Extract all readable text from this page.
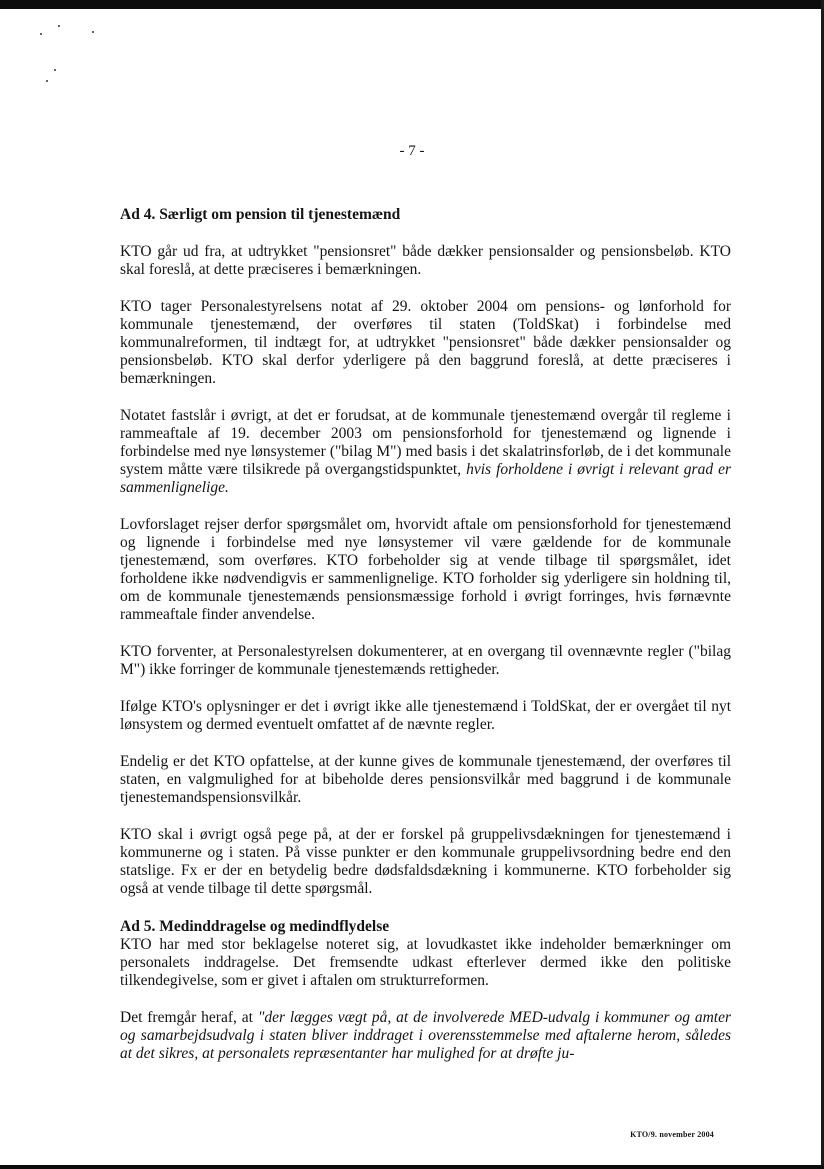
- 7 -
Ad 4. Særligt om pension til tjenestemænd

KTO går ud fra, at udtrykket "pensionsret" både dækker pensionsalder og pensionsbeløb. KTO skal foreslå, at dette præciseres i bemærkningen.

KTO tager Personalestyrelsens notat af 29. oktober 2004 om pensions- og lønforhold for kommunale tjenestemænd, der overføres til staten (ToldSkat) i forbindelse med kommunalreformen, til indtægt for, at udtrykket "pensionsret" både dækker pensionsalder og pensionsbeløb. KTO skal derfor yderligere på den baggrund foreslå, at dette præciseres i bemærkningen.

Notatet fastslår i øvrigt, at det er forudsat, at de kommunale tjenestemænd overgår til regleme i rammeaftale af 19. december 2003 om pensionsforhold for tjenestemænd og lignende i forbindelse med nye lønsystemer ("bilag M") med basis i det skalatrinsforløb, de i det kommunale system måtte være tilsikrede på overgangstidspunktet, hvis forholdene i øvrigt i relevant grad er sammenlignelige.

Lovforslaget rejser derfor spørgsmålet om, hvorvidt aftale om pensionsforhold for tjenestemænd og lignende i forbindelse med nye lønsystemer vil være gældende for de kommunale tjenestemænd, som overføres. KTO forbeholder sig at vende tilbage til spørgsmålet, idet forholdene ikke nødvendigvis er sammenlignelige. KTO forholder sig yderligere sin holdning til, om de kommunale tjenestemænds pensionsmæssige forhold i øvrigt forringes, hvis førnævnte rammeaftale finder anvendelse.

KTO forventer, at Personalestyrelsen dokumenterer, at en overgang til ovennævnte regler ("bilag M") ikke forringer de kommunale tjenestemænds rettigheder.

Ifølge KTO's oplysninger er det i øvrigt ikke alle tjenestemænd i ToldSkat, der er overgået til nyt lønsystem og dermed eventuelt omfattet af de nævnte regler.

Endelig er det KTO opfattelse, at der kunne gives de kommunale tjenestemænd, der overføres til staten, en valgmulighed for at bibeholde deres pensionsvilkår med baggrund i de kommunale tjenestemandspensionsvilkår.

KTO skal i øvrigt også pege på, at der er forskel på gruppelivsdækningen for tjenestemænd i kommunerne og i staten. På visse punkter er den kommunale gruppelivsordning bedre end den statslige. Fx er der en betydelig bedre dødsfaldsdækning i kommunerne. KTO forbeholder sig også at vende tilbage til dette spørgsmål.

Ad 5. Medinddragelse og medindflydelse

KTO har med stor beklagelse noteret sig, at lovudkastet ikke indeholder bemærkninger om personalets inddragelse. Det fremsendte udkast efterlever dermed ikke den politiske tilkendegivelse, som er givet i aftalen om strukturreformen.

Det fremgår heraf, at "der lægges vægt på, at de involverede MED-udvalg i kommuner og amter og samarbejdsudvalg i staten bliver inddraget i overensstemmelse med aftalerne herom, således at det sikres, at personalets repræsentanter har mulighed for at drøfte ju-

KTO/9. november 2004
